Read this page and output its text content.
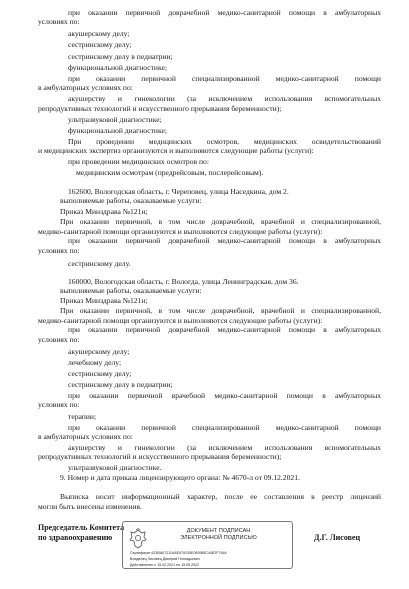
при оказании первичной доврачебной медико-санитарной помощи в амбулаторных
условиях по:
акушерскому делу;
сестринскому делу;
сестринскому делу в педиатрии;
функциональной диагностике;
при оказании первичной специализированной медико-санитарной помощи
в амбулаторных условиях по:
акушерству и гинекологии (за исключением использования вспомогательных
репродуктивных технологий и искусственного прерывания беременности);
ультразвуковой диагностике;
функциональной диагностике;
При проведении медицинских осмотров, медицинских освидетельствований
и медицинских экспертиз организуются и выполняются следующие работы (услуги):
при проведении медицинских осмотров по:
медицинским осмотрам (предрейсовым, послерейсовым).
162600, Вологодская область, г. Череповец, улица Наседкина, дом 2.
выполняемые работы, оказываемые услуги:
Приказ Минздрава №121н;
При оказании первичной, в том числе доврачебной, врачебной и специализированной,
медико-санитарной помощи организуются и выполняются следующие работы (услуги):
при оказании первичной доврачебной медико-санитарной помощи в амбулаторных
условиях по:
сестринскому делу.
160000, Вологодская область, г. Вологда, улица Ленинградская, дом 36.
выполняемые работы, оказываемые услуги:
Приказ Минздрава №121н;
При оказании первичной, в том числе доврачебной, врачебной и специализированной,
медико-санитарной помощи организуются и выполняются следующие работы (услуги):
при оказании первичной доврачебной медико-санитарной помощи в амбулаторных
условиях по:
акушерскому делу;
лечебному делу;
сестринскому делу;
сестринскому делу в педиатрии;
при оказании первичной врачебной медико-санитарной помощи в амбулаторных
условиях по:
терапии;
при оказании первичной специализированной медико-санитарной помощи
в амбулаторных условиях по:
акушерству и гинекологии (за исключением использования вспомогательных
репродуктивных технологий и искусственного прерывания беременности);
ультразвуковой диагностике.
9. Номер и дата приказа лицензирующего органа: № 4670-л от 09.12.2021.
Выписка носит информационный характер, после ее составления в реестр лицензий
могли быть внесены изменения.
Председатель Комитета
по здравоохранению	Д.Г. Лисовец
ДОКУМЕНТ ПОДПИСАН
ЭЛЕКТРОННОЙ ПОДПИСЬЮ
Сертификат 623BA07211AAE979135E083955C44B7F7644
Владелец Лисовец Дмитрий Геннадьевич
Действителен с 15.02.2021 по 15.05.2022
